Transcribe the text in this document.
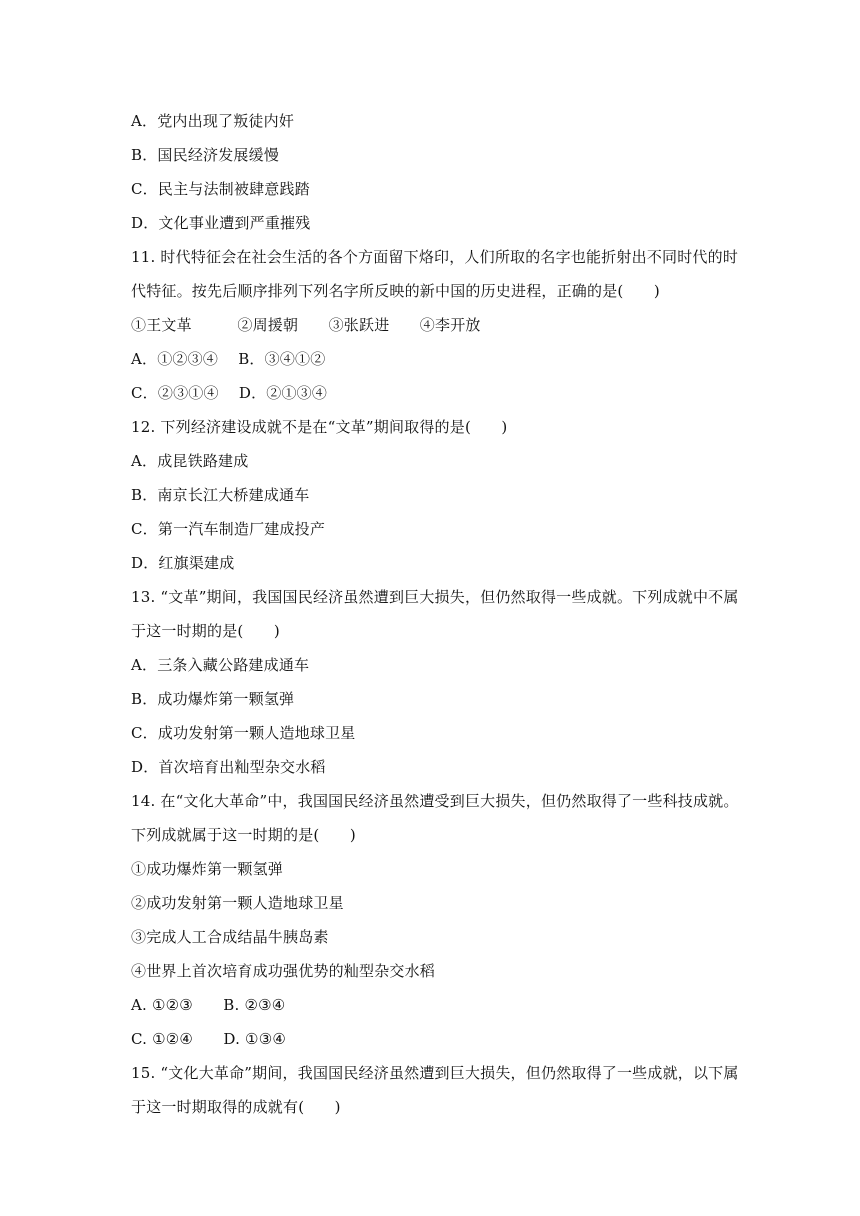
A．党内出现了叛徒内奸
B．国民经济发展缓慢
C．民主与法制被肆意践踏
D．文化事业遭到严重摧残
11. 时代特征会在社会生活的各个方面留下烙印，人们所取的名字也能折射出不同时代的时
代特征。按先后顺序排列下列名字所反映的新中国的历史进程，正确的是(　　)
①王文革　　　②周援朝　　③张跃进　　④李开放
A．①②③④　 B．③④①②
C．②③①④　 D．②①③④
12. 下列经济建设成就不是在“文革”期间取得的是(　　)
A．成昆铁路建成
B．南京长江大桥建成通车
C．第一汽车制造厂建成投产
D．红旗渠建成
13. “文革”期间，我国国民经济虽然遭到巨大损失，但仍然取得一些成就。下列成就中不属
于这一时期的是(　　)
A．三条入藏公路建成通车
B．成功爆炸第一颗氢弹
C．成功发射第一颗人造地球卫星
D．首次培育出籼型杂交水稻
14. 在“文化大革命”中，我国国民经济虽然遭受到巨大损失，但仍然取得了一些科技成就。
下列成就属于这一时期的是(　　)
①成功爆炸第一颗氢弹
②成功发射第一颗人造地球卫星
③完成人工合成结晶牛胰岛素
④世界上首次培育成功强优势的籼型杂交水稻
A. ①②③　　B. ②③④
C. ①②④　　D. ①③④
15. “文化大革命”期间，我国国民经济虽然遭到巨大损失，但仍然取得了一些成就，以下属
于这一时期取得的成就有(　　)
